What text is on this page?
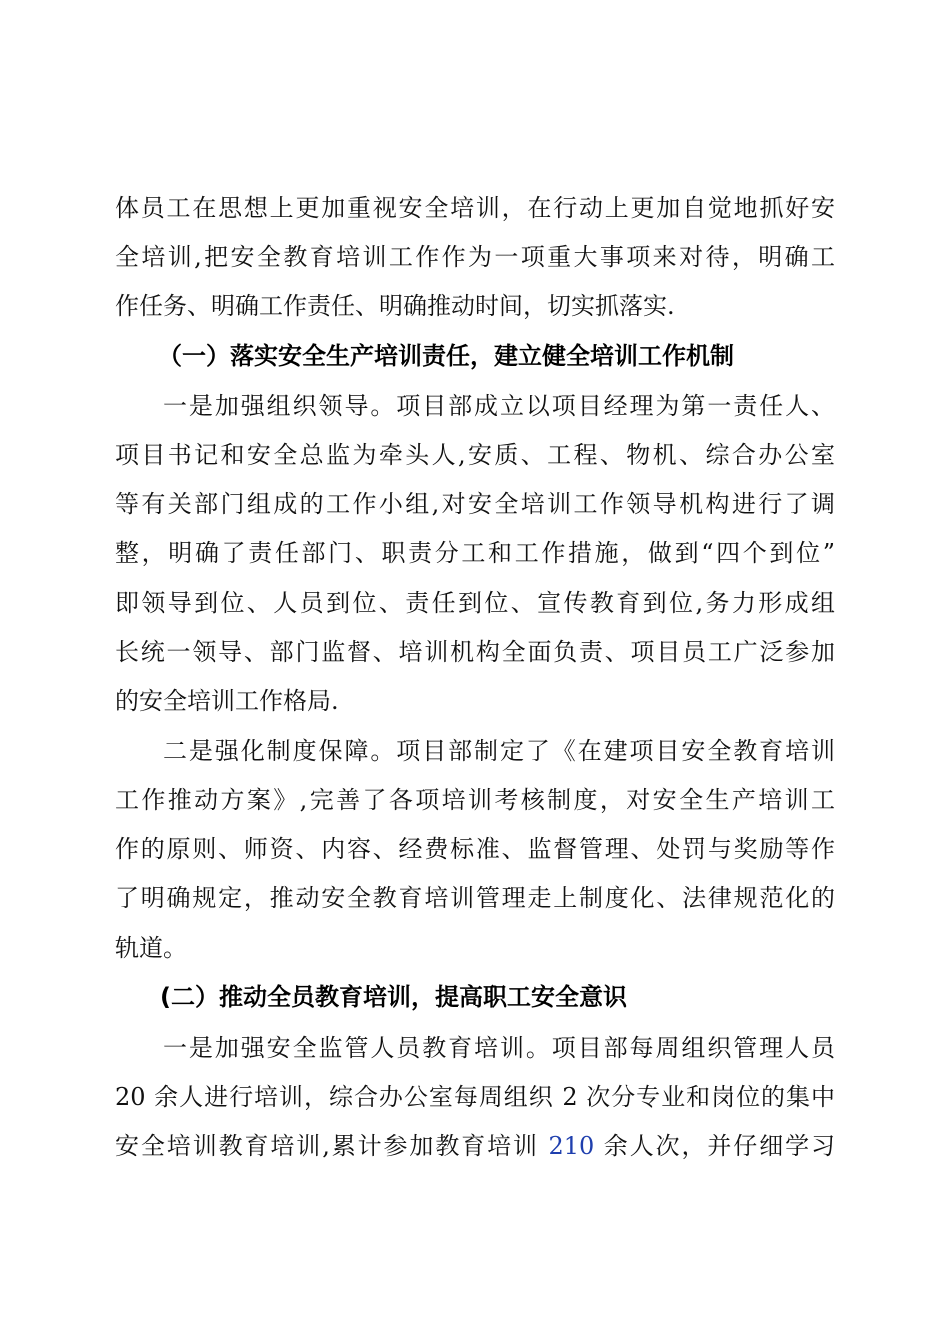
体员工在思想上更加重视安全培训，在行动上更加自觉地抓好安
全培训,把安全教育培训工作作为一项重大事项来对待，明确工
作任务、明确工作责任、明确推动时间，切实抓落实.
（一）落实安全生产培训责任，建立健全培训工作机制
一是加强组织领导。项目部成立以项目经理为第一责任人、
项目书记和安全总监为牵头人,安质、工程、物机、综合办公室
等有关部门组成的工作小组,对安全培训工作领导机构进行了调
整，明确了责任部门、职责分工和工作措施，做到“四个到位”
即领导到位、人员到位、责任到位、宣传教育到位,务力形成组
长统一领导、部门监督、培训机构全面负责、项目员工广泛参加
的安全培训工作格局.
二是强化制度保障。项目部制定了《在建项目安全教育培训
工作推动方案》,完善了各项培训考核制度，对安全生产培训工
作的原则、师资、内容、经费标准、监督管理、处罚与奖励等作
了明确规定，推动安全教育培训管理走上制度化、法律规范化的
轨道。
(二）推动全员教育培训，提高职工安全意识
一是加强安全监管人员教育培训。项目部每周组织管理人员
20 余人进行培训，综合办公室每周组织 2 次分专业和岗位的集中
安全培训教育培训,累计参加教育培训 210 余人次，并仔细学习
